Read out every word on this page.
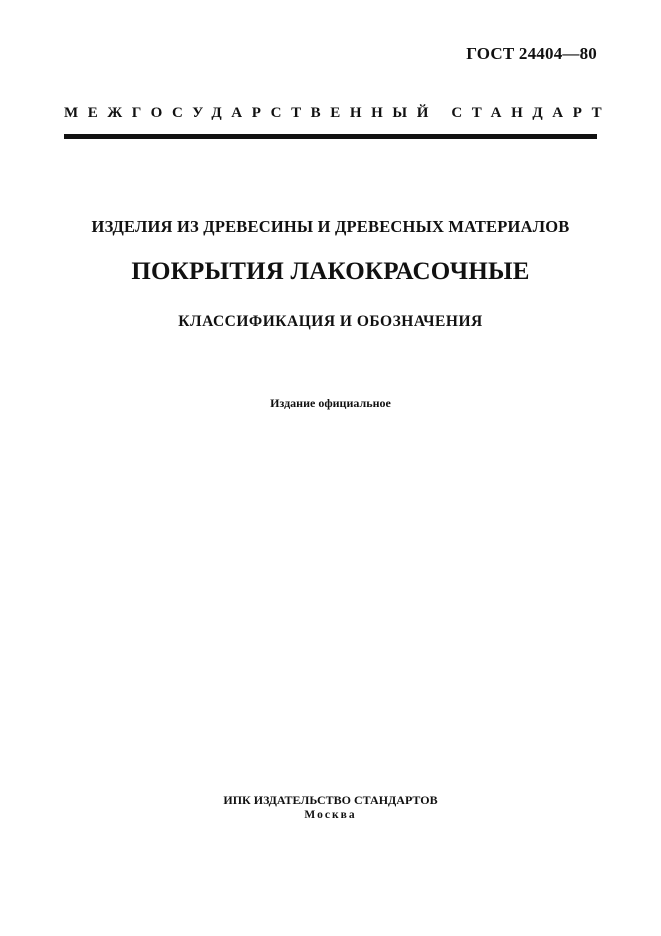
ГОСТ 24404—80
МЕЖГОСУДАРСТВЕННЫЙ СТАНДАРТ
ИЗДЕЛИЯ ИЗ ДРЕВЕСИНЫ И ДРЕВЕСНЫХ МАТЕРИАЛОВ
ПОКРЫТИЯ ЛАКОКРАСОЧНЫЕ
КЛАССИФИКАЦИЯ И ОБОЗНАЧЕНИЯ
Издание официальное
ИПК ИЗДАТЕЛЬСТВО СТАНДАРТОВ
Москва
